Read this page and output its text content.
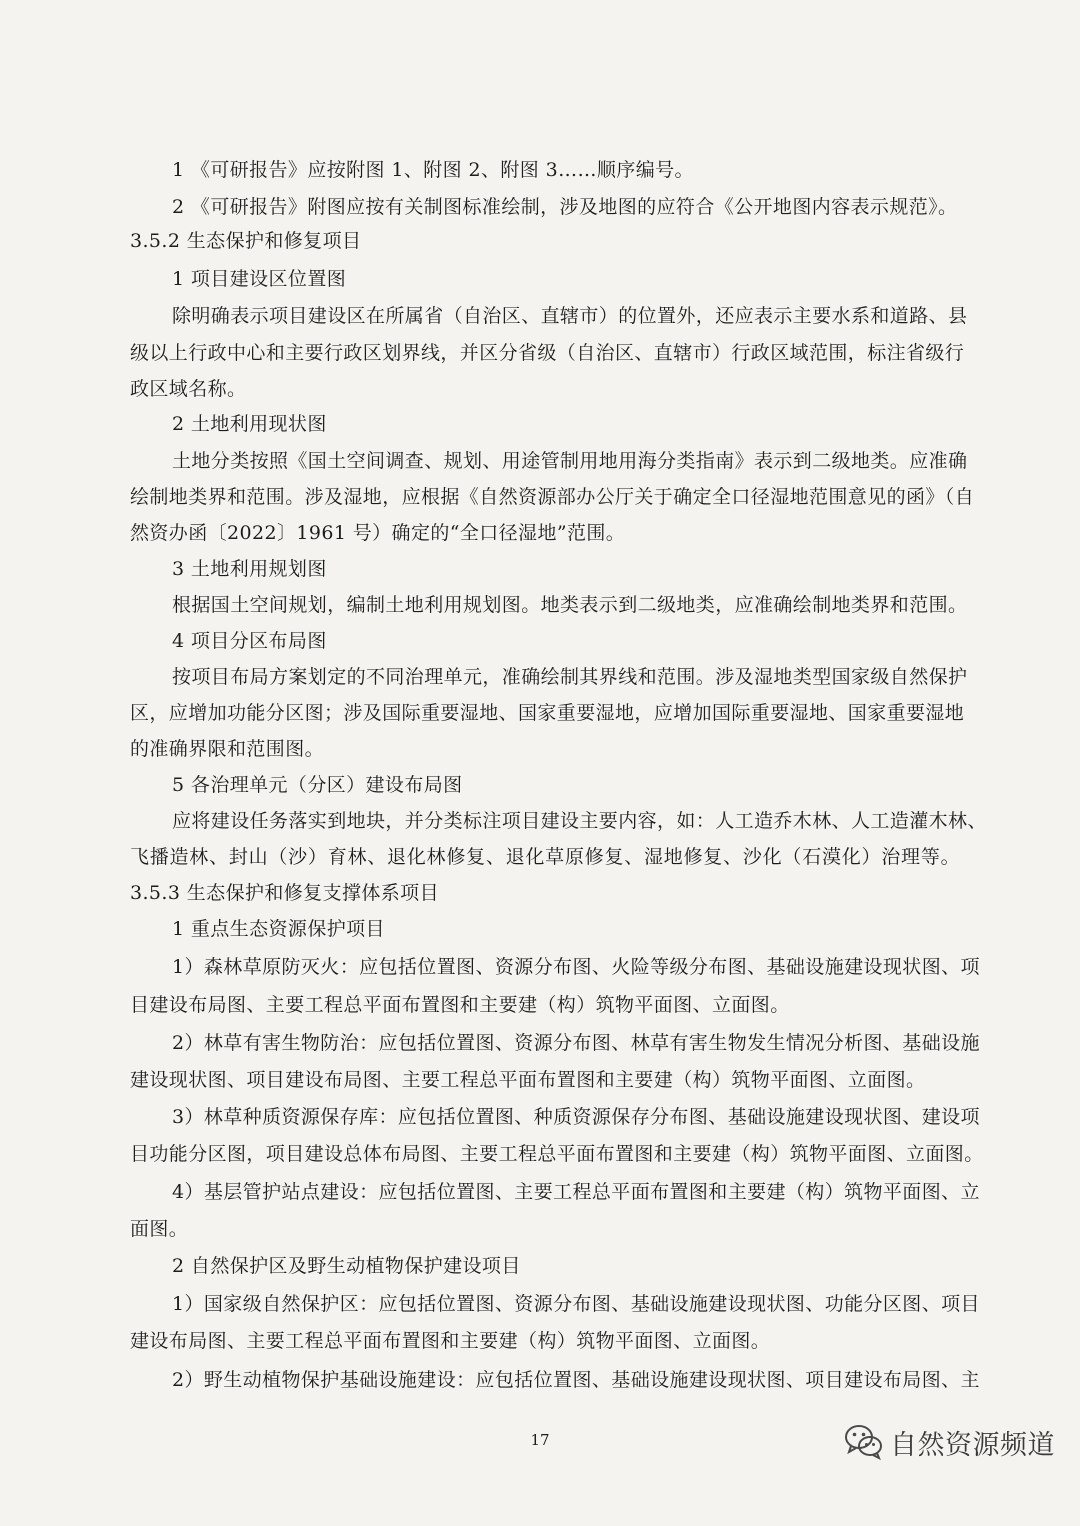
1 《可研报告》应按附图 1、附图 2、附图 3……顺序编号。
2 《可研报告》附图应按有关制图标准绘制，涉及地图的应符合《公开地图内容表示规范》。
3.5.2 生态保护和修复项目
1 项目建设区位置图
除明确表示项目建设区在所属省（自治区、直辖市）的位置外，还应表示主要水系和道路、县
级以上行政中心和主要行政区划界线，并区分省级（自治区、直辖市）行政区域范围，标注省级行
政区域名称。
2 土地利用现状图
土地分类按照《国土空间调查、规划、用途管制用地用海分类指南》表示到二级地类。应准确
绘制地类界和范围。涉及湿地，应根据《自然资源部办公厅关于确定全口径湿地范围意见的函》（自
然资办函〔2022〕1961 号）确定的“全口径湿地”范围。
3 土地利用规划图
根据国土空间规划，编制土地利用规划图。地类表示到二级地类，应准确绘制地类界和范围。
4 项目分区布局图
按项目布局方案划定的不同治理单元，准确绘制其界线和范围。涉及湿地类型国家级自然保护
区，应增加功能分区图；涉及国际重要湿地、国家重要湿地，应增加国际重要湿地、国家重要湿地
的准确界限和范围图。
5 各治理单元（分区）建设布局图
应将建设任务落实到地块，并分类标注项目建设主要内容，如：人工造乔木林、人工造灌木林、
飞播造林、封山（沙）育林、退化林修复、退化草原修复、湿地修复、沙化（石漠化）治理等。
3.5.3 生态保护和修复支撑体系项目
1 重点生态资源保护项目
1）森林草原防灭火：应包括位置图、资源分布图、火险等级分布图、基础设施建设现状图、项
目建设布局图、主要工程总平面布置图和主要建（构）筑物平面图、立面图。
2）林草有害生物防治：应包括位置图、资源分布图、林草有害生物发生情况分析图、基础设施
建设现状图、项目建设布局图、主要工程总平面布置图和主要建（构）筑物平面图、立面图。
3）林草种质资源保存库：应包括位置图、种质资源保存分布图、基础设施建设现状图、建设项
目功能分区图，项目建设总体布局图、主要工程总平面布置图和主要建（构）筑物平面图、立面图。
4）基层管护站点建设：应包括位置图、主要工程总平面布置图和主要建（构）筑物平面图、立
面图。
2 自然保护区及野生动植物保护建设项目
1）国家级自然保护区：应包括位置图、资源分布图、基础设施建设现状图、功能分区图、项目
建设布局图、主要工程总平面布置图和主要建（构）筑物平面图、立面图。
2）野生动植物保护基础设施建设：应包括位置图、基础设施建设现状图、项目建设布局图、主
17	自然资源频道
